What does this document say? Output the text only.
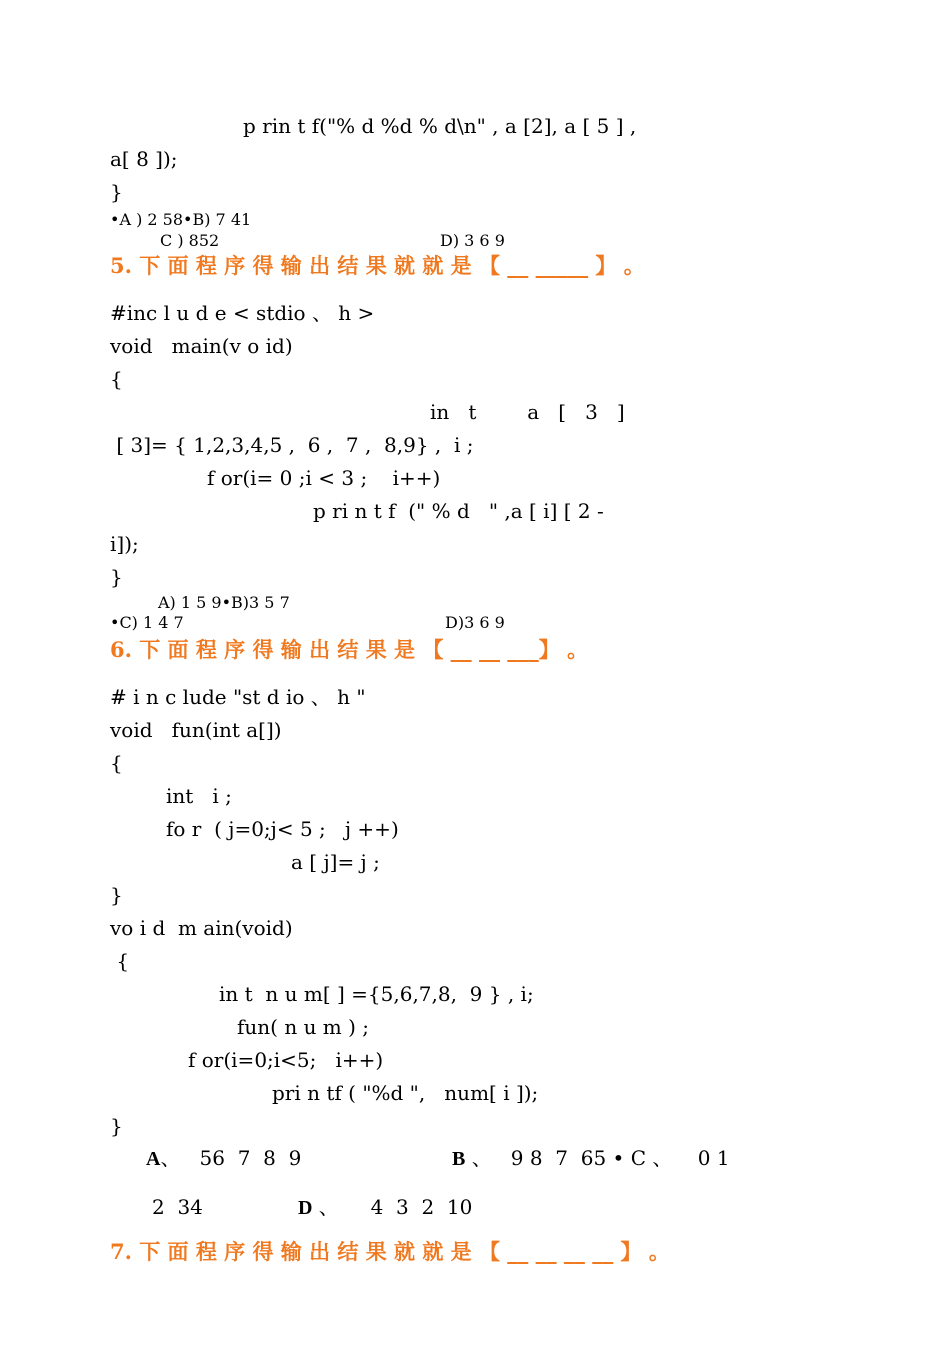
p rin t f("% d %d % d\n" , a [2], a [ 5 ] ,
a[ 8 ]);
}
•A ) 2 58•B) 7 41
C ) 852	D) 3 6 9
5. 下 面 程 序 得 输 出 结 果 就 就 是 【 __ _____ 】 。
#inc l u d e < stdio 、 h >
void   main(v o id)
{
in   t        a   [   3   ]
[ 3]= { 1,2,3,4,5 ,  6 ,  7 ,  8,9} ,  i ;
f or(i= 0 ;i < 3 ;    i++)
p ri n t f  (" % d   " ,a [ i] [ 2 -
i]);
}
A) 1 5 9•B)3 5 7
•C) 1 4 7	D)3 6 9
6. 下 面 程 序 得 输 出 结 果 是 【 __ __ ___】 。
# i n c lude "st d io 、 h "
void   fun(int a[])
{
int   i ;
fo r  ( j=0;j< 5 ;   j ++)
a [ j]= j ;
}
vo i d  m ain(void)
{
in t  n u m[ ] ={5,6,7,8,  9 } , i;
fun( n u m ) ;
f or(i=0;i<5;   i++)
pri n tf ( "%d ",   num[ i ]);
}
A、   56  7  8  9	B 、   9 8  7  65 • C 、    0 1
2  34	D 、     4  3  2  10
7. 下 面 程 序 得 输 出 结 果 就 就 是 【 __ __ __ __ 】 。
